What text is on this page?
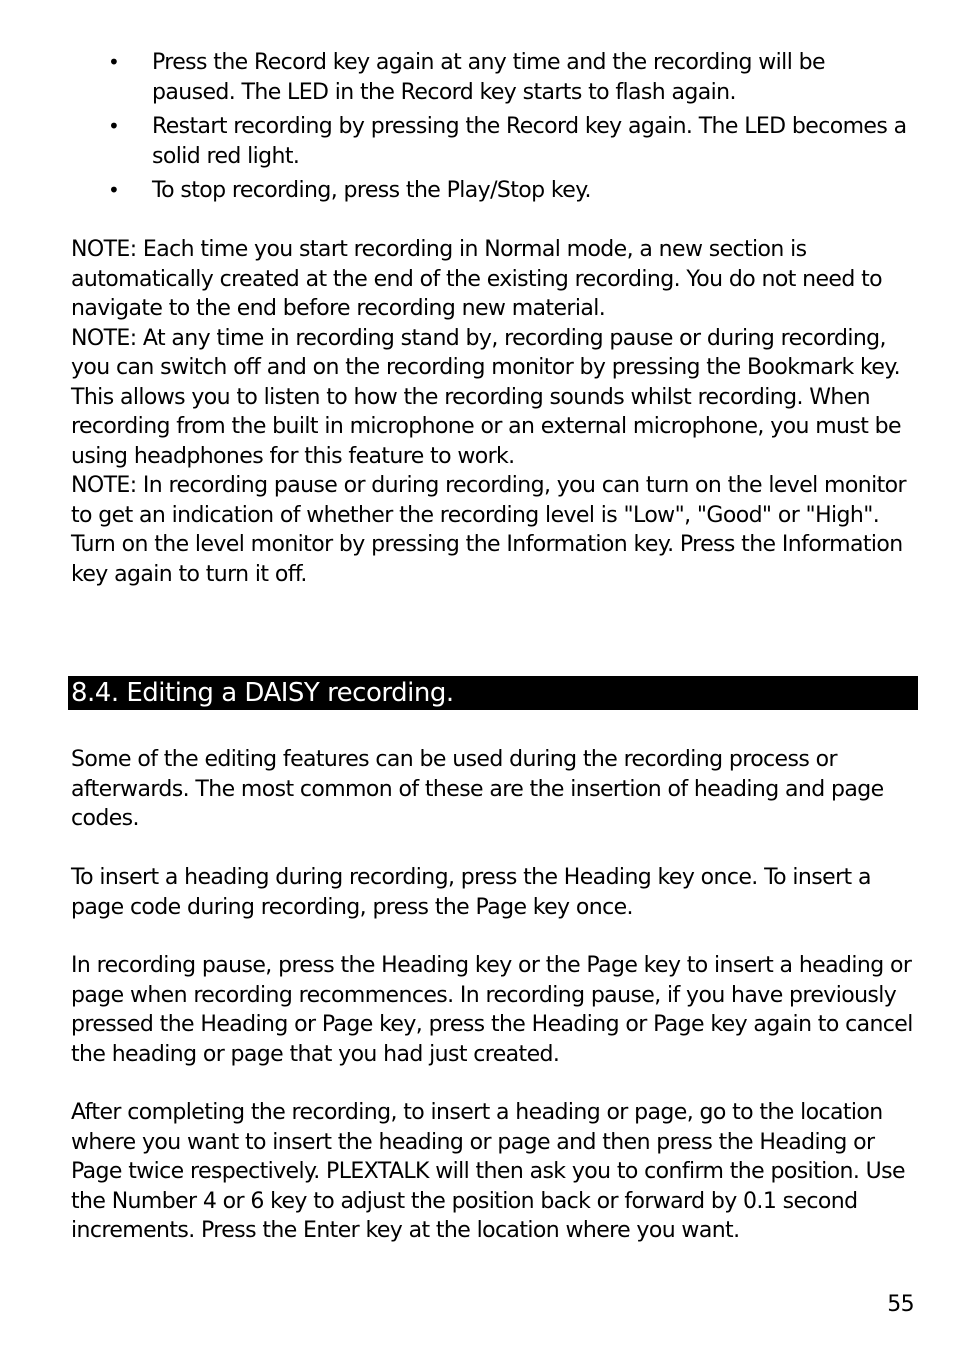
• Press the Record key again at any time and the recording will be paused. The LED in the Record key starts to flash again.
• Restart recording by pressing the Record key again. The LED becomes a solid red light.
• To stop recording, press the Play/Stop key.

NOTE: Each time you start recording in Normal mode, a new section is automatically created at the end of the existing recording. You do not need to navigate to the end before recording new material.

NOTE: At any time in recording stand by, recording pause or during recording, you can switch off and on the recording monitor by pressing the Bookmark key. This allows you to listen to how the recording sounds whilst recording. When recording from the built in microphone or an external microphone, you must be using headphones for this feature to work.

NOTE: In recording pause or during recording, you can turn on the level monitor to get an indication of whether the recording level is "Low", "Good" or "High". Turn on the level monitor by pressing the Information key. Press the Information key again to turn it off.

8.4. Editing a DAISY recording.

Some of the editing features can be used during the recording process or afterwards. The most common of these are the insertion of heading and page codes.

To insert a heading during recording, press the Heading key once. To insert a page code during recording, press the Page key once.

In recording pause, press the Heading key or the Page key to insert a heading or page when recording recommences. In recording pause, if you have previously pressed the Heading or Page key, press the Heading or Page key again to cancel the heading or page that you had just created.

After completing the recording, to insert a heading or page, go to the location where you want to insert the heading or page and then press the Heading or Page twice respectively. PLEXTALK will then ask you to confirm the position. Use the Number 4 or 6 key to adjust the position back or forward by 0.1 second increments. Press the Enter key at the location where you want.

55
